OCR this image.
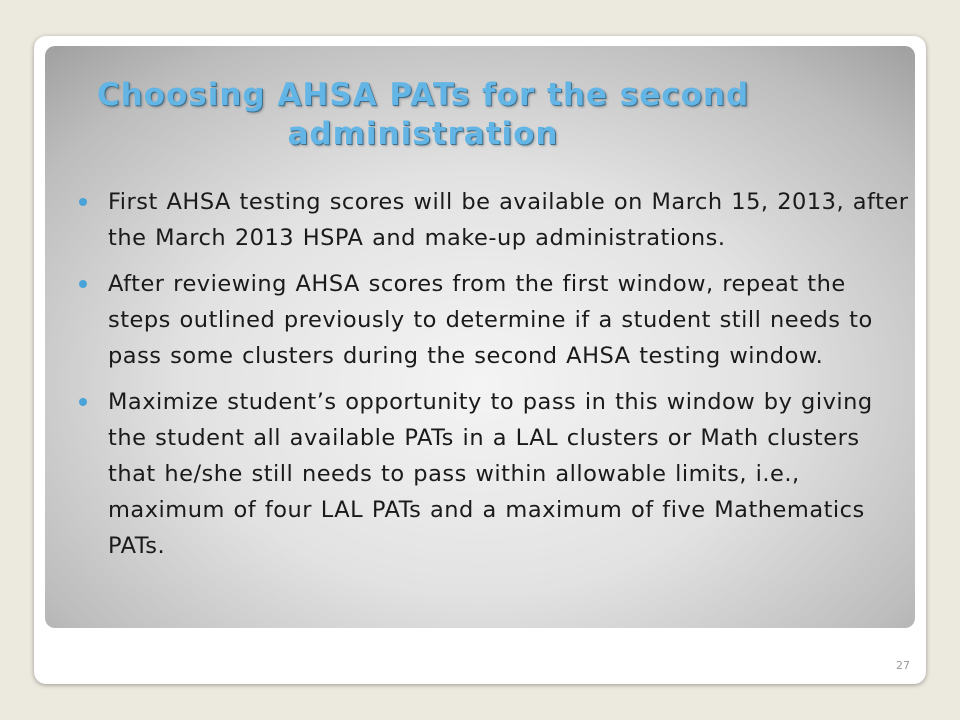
Choosing AHSA PATs for the second administration
First AHSA testing scores will be available on March 15, 2013, after the March 2013 HSPA and make-up administrations.
After reviewing AHSA scores from the first window, repeat the steps outlined previously to determine if a student still needs to pass some clusters during the second AHSA testing window.
Maximize student’s opportunity to pass in this window by giving the student all available PATs in a LAL clusters or Math clusters that he/she still needs to pass within allowable limits, i.e., maximum of four LAL PATs and a maximum of five Mathematics PATs.
27
